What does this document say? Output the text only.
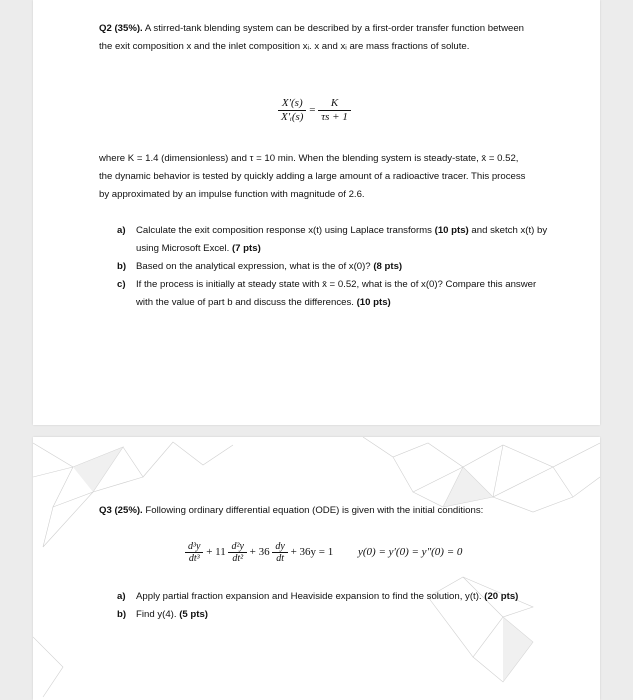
Q2 (35%). A stirred-tank blending system can be described by a first-order transfer function between the exit composition x and the inlet composition xᵢ. x and xᵢ are mass fractions of solute.
$\frac{X'(s)}{\text{X′ᵢ(s)}} = \frac{K}{\tau s + 1}$
where K = 1.4 (dimensionless) and τ = 10 min. When the blending system is steady-state, x̄ = 0.52, the dynamic behavior is tested by quickly adding a large amount of a radioactive tracer. This process by approximated by an impulse function with magnitude of 2.6.
a) Calculate the exit composition response x(t) using Laplace transforms (10 pts) and sketch x(t) by using Microsoft Excel. (7 pts)
b) Based on the analytical expression, what is the of x(0)? (8 pts)
c) If the process is initially at steady state with x̄ = 0.52, what is the of x(0)? Compare this answer with the value of part b and discuss the differences. (10 pts)
Q3 (25%). Following ordinary differential equation (ODE) is given with the initial conditions:
$\frac{\text{d³y}}{\text{dt³}} + 11 \frac{\text{d²y}}{\text{dt²}} + 36 \frac{dy}{dt} + 36y = 1$ y(0) = y′(0) = y″(0) = 0
a) Apply partial fraction expansion and Heaviside expansion to find the solution, y(t). (20 pts)
b) Find y(4). (5 pts)
